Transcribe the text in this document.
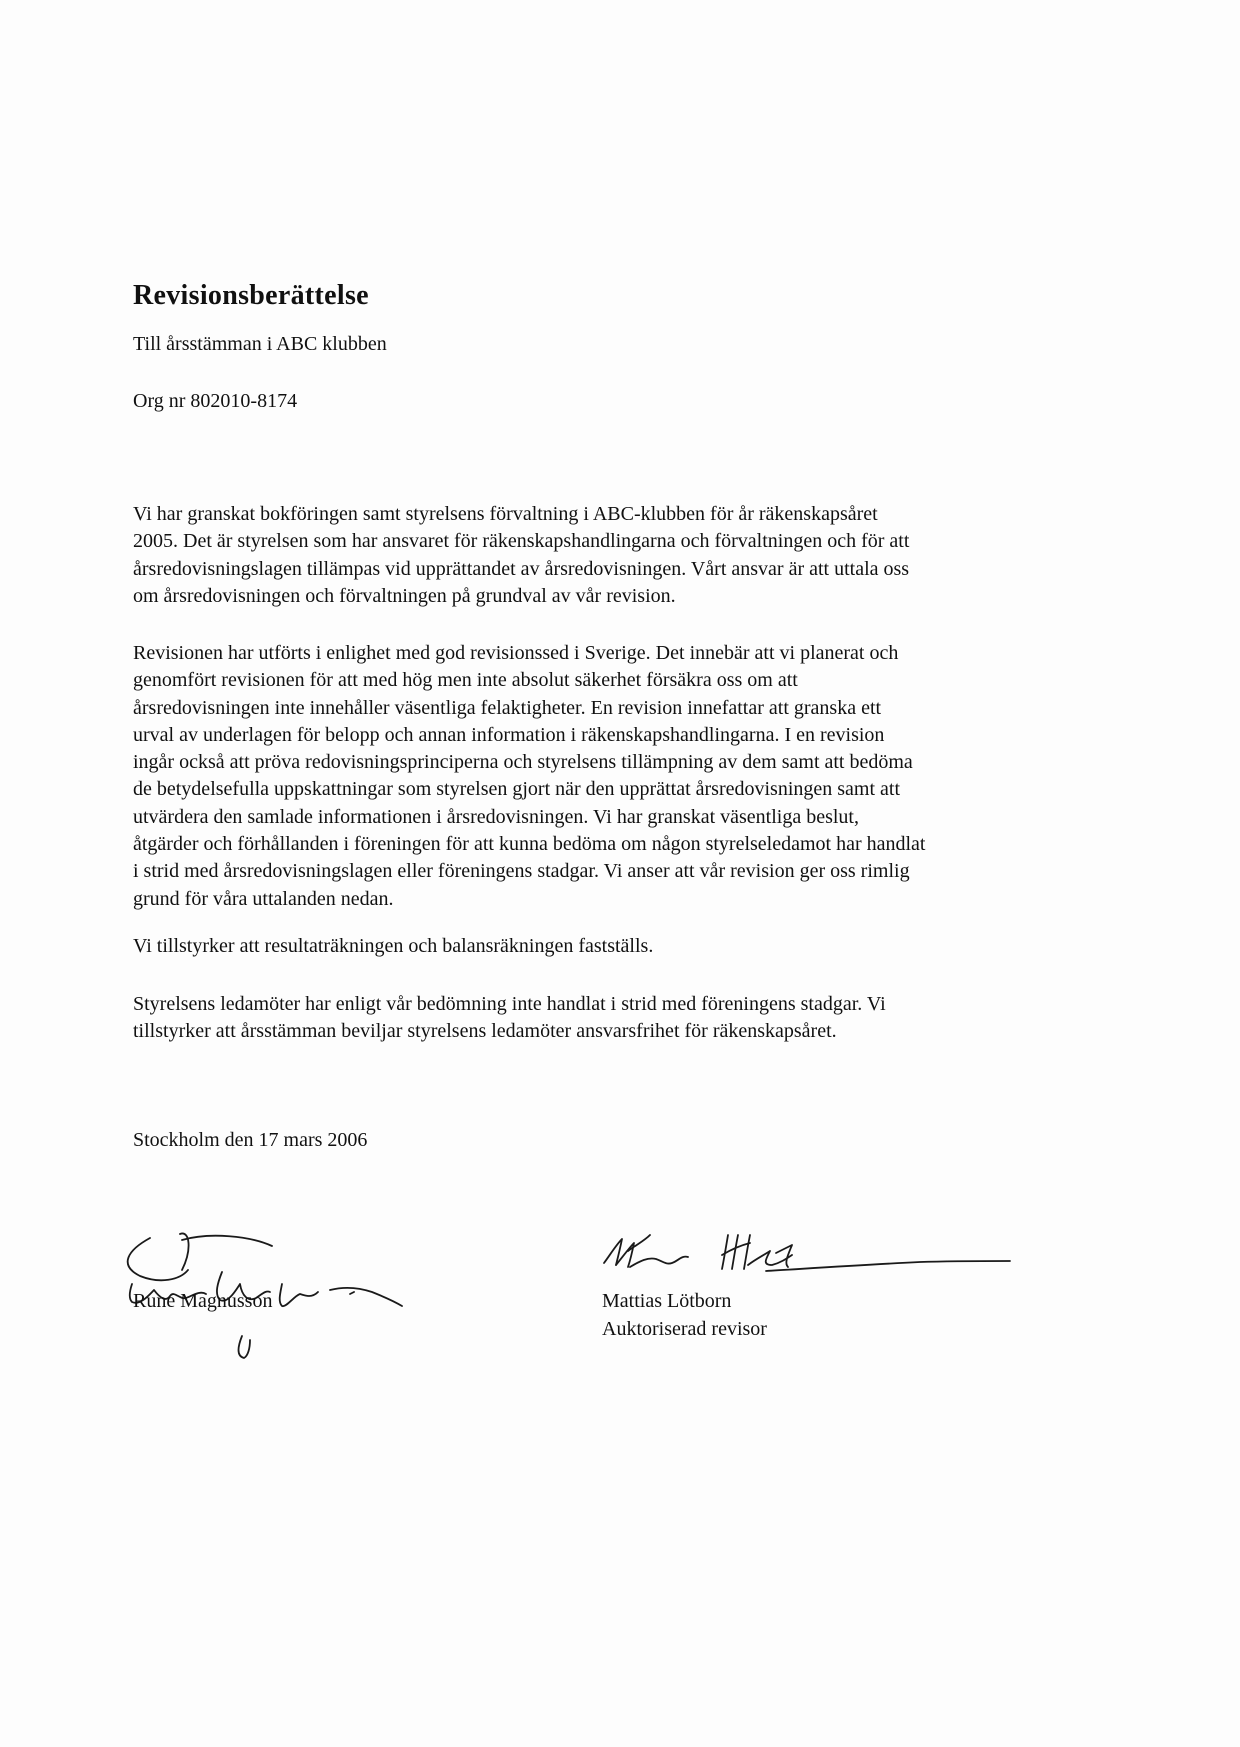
Revisionsberättelse

Till årsstämman i ABC klubben

Org nr 802010-8174

Vi har granskat bokföringen samt styrelsens förvaltning i ABC-klubben för år räkenskapsåret
2005. Det är styrelsen som har ansvaret för räkenskapshandlingarna och förvaltningen och för att
årsredovisningslagen tillämpas vid upprättandet av årsredovisningen. Vårt ansvar är att uttala oss
om årsredovisningen och förvaltningen på grundval av vår revision.

Revisionen har utförts i enlighet med god revisionssed i Sverige. Det innebär att vi planerat och
genomfört revisionen för att med hög men inte absolut säkerhet försäkra oss om att
årsredovisningen inte innehåller väsentliga felaktigheter. En revision innefattar att granska ett
urval av underlagen för belopp och annan information i räkenskapshandlingarna. I en revision
ingår också att pröva redovisningsprinciperna och styrelsens tillämpning av dem samt att bedöma
de betydelsefulla uppskattningar som styrelsen gjort när den upprättat årsredovisningen samt att
utvärdera den samlade informationen i årsredovisningen. Vi har granskat väsentliga beslut,
åtgärder och förhållanden i föreningen för att kunna bedöma om någon styrelseledamot har handlat
i strid med årsredovisningslagen eller föreningens stadgar. Vi anser att vår revision ger oss rimlig
grund för våra uttalanden nedan.

Vi tillstyrker att resultaträkningen och balansräkningen fastställs.

Styrelsens ledamöter har enligt vår bedömning inte handlat i strid med föreningens stadgar. Vi
tillstyrker att årsstämman beviljar styrelsens ledamöter ansvarsfrihet för räkenskapsåret.

Stockholm den 17 mars 2006

Rune Magnusson	Mattias Lötborn
Auktoriserad revisor
